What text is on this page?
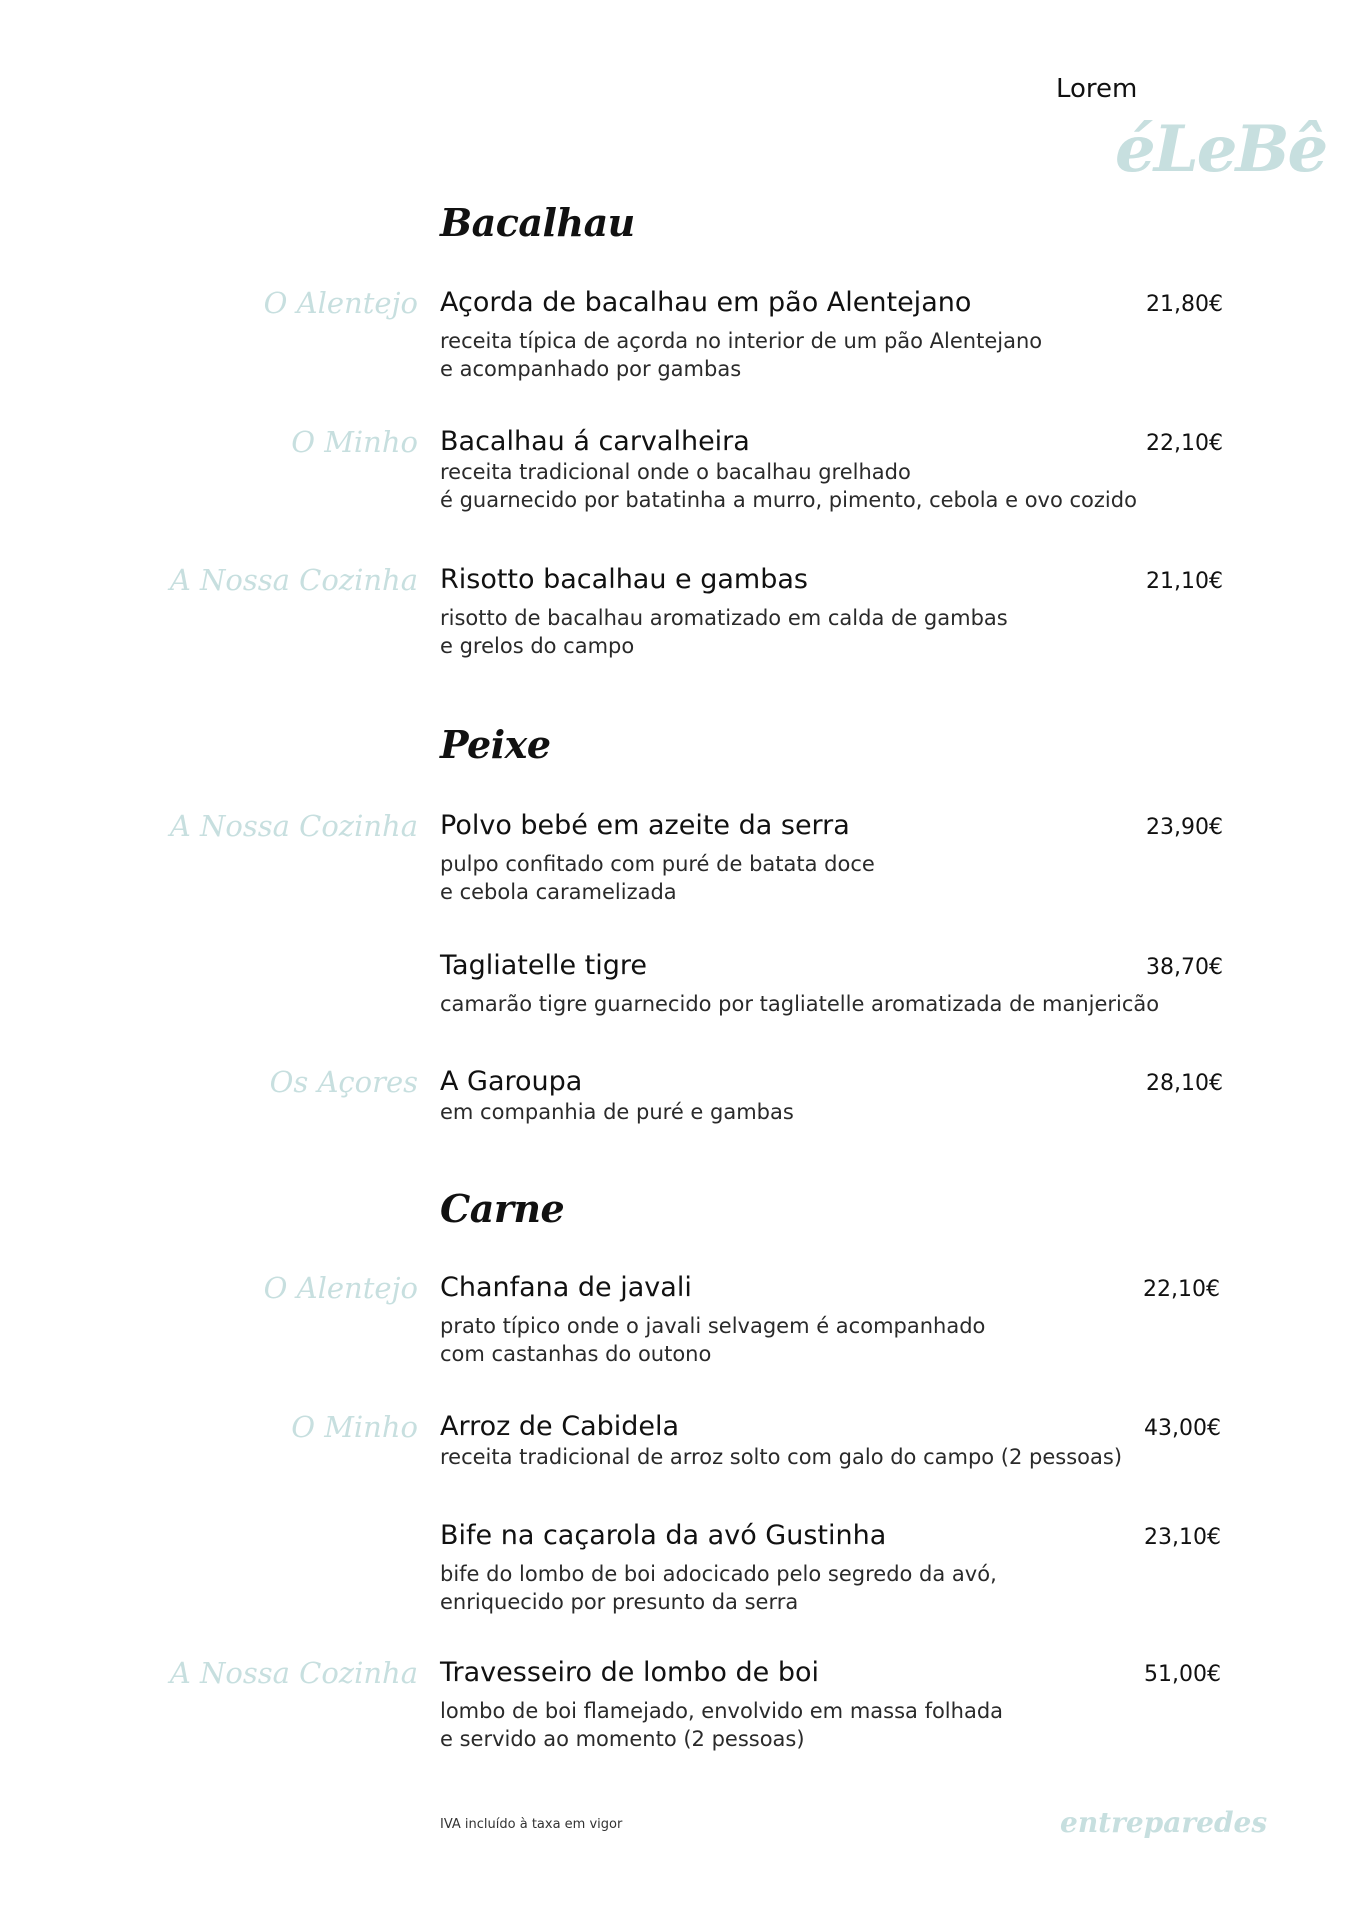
Lorem
éLeBê
Bacalhau
O Alentejo Açorda de bacalhau em pão Alentejano	21,80€
receita típica de açorda no interior de um pão Alentejano
e acompanhado por gambas
O Minho Bacalhau á carvalheira	22,10€
receita tradicional onde o bacalhau grelhado
é guarnecido por batatinha a murro, pimento, cebola e ovo cozido
A Nossa Cozinha Risotto bacalhau e gambas	21,10€
risotto de bacalhau aromatizado em calda de gambas
e grelos do campo
Peixe
A Nossa Cozinha Polvo bebé em azeite da serra	23,90€
pulpo confitado com puré de batata doce
e cebola caramelizada
Tagliatelle tigre	38,70€
camarão tigre guarnecido por tagliatelle aromatizada de manjericão
Os Açores A Garoupa	28,10€
em companhia de puré e gambas
Carne
O Alentejo Chanfana de javali	22,10€
prato típico onde o javali selvagem é acompanhado
com castanhas do outono
O Minho Arroz de Cabidela	43,00€
receita tradicional de arroz solto com galo do campo (2 pessoas)
Bife na caçarola da avó Gustinha	23,10€
bife do lombo de boi adocicado pelo segredo da avó,
enriquecido por presunto da serra
A Nossa Cozinha Travesseiro de lombo de boi	51,00€
lombo de boi flamejado, envolvido em massa folhada
e servido ao momento (2 pessoas)
IVA incluído à taxa em vigor	entreparedes
